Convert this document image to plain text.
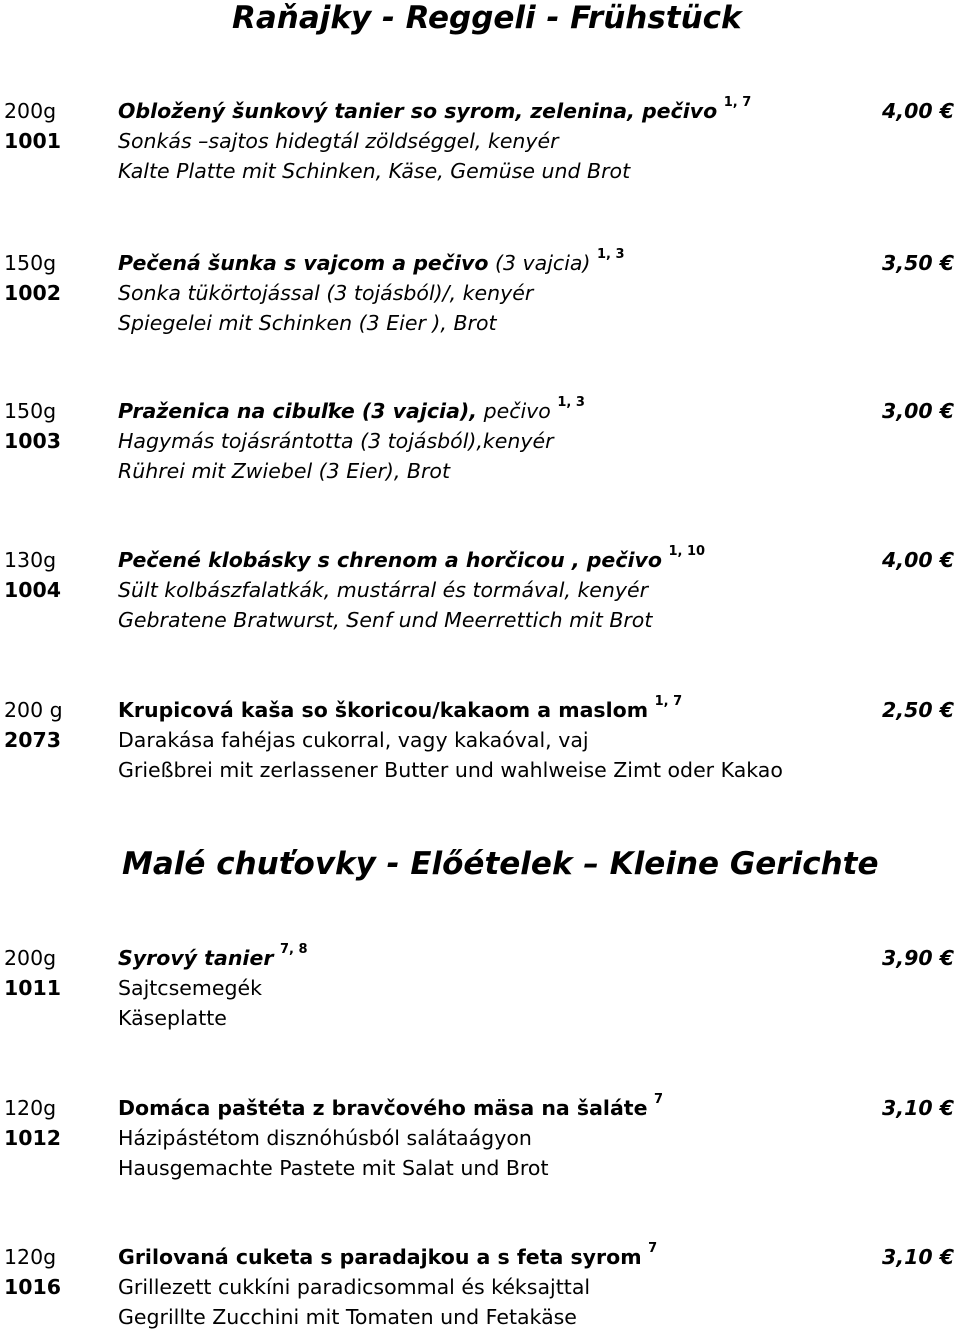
Raňajky - Reggeli - Frühstück
200g
1001
Obložený šunkový tanier so syrom, zelenina, pečivo $^{1, 7}$
Sonkás –sajtos hidegtál zöldséggel, kenyér
Kalte Platte mit Schinken, Käse, Gemüse und Brot
4,00 €
150g
1002
Pečená šunka s vajcom a pečivo (3 vajcia) $^{1, 3}$
Sonka tükörtojással (3 tojásból)/, kenyér
Spiegelei mit Schinken (3 Eier ), Brot
3,50 €
150g
1003
Praženica na cibuľke (3 vajcia), pečivo $^{1, 3}$
Hagymás tojásrántotta (3 tojásból),kenyér
Rührei mit Zwiebel (3 Eier), Brot
3,00 €
130g
1004
Pečené klobásky s chrenom a horčicou , pečivo $^{1, 10}$
Sült kolbászfalatkák, mustárral és tormával, kenyér
Gebratene Bratwurst, Senf und Meerrettich mit Brot
4,00 €
200 g
2073
Krupicová kaša so škoricou/kakaom a maslom $^{1, 7}$
Darakása fahéjas cukorral, vagy kakaóval, vaj
Grießbrei mit zerlassener Butter und wahlweise Zimt oder Kakao
2,50 €
Malé chuťovky - Előételek – Kleine Gerichte
200g
1011
Syrový tanier $^{7, 8}$
Sajtcsemegék
Käseplatte
3,90 €
120g
1012
Domáca paštéta z bravčového mäsa na šaláte $^7$
Házipástétom disznóhúsból salátaágyon
Hausgemachte Pastete mit Salat und Brot
3,10 €
120g
1016
Grilovaná cuketa s paradajkou a s feta syrom $^7$
Grillezett cukkíni paradicsommal és kéksajttal
Gegrillte Zucchini mit Tomaten und Fetakäse
3,10 €
